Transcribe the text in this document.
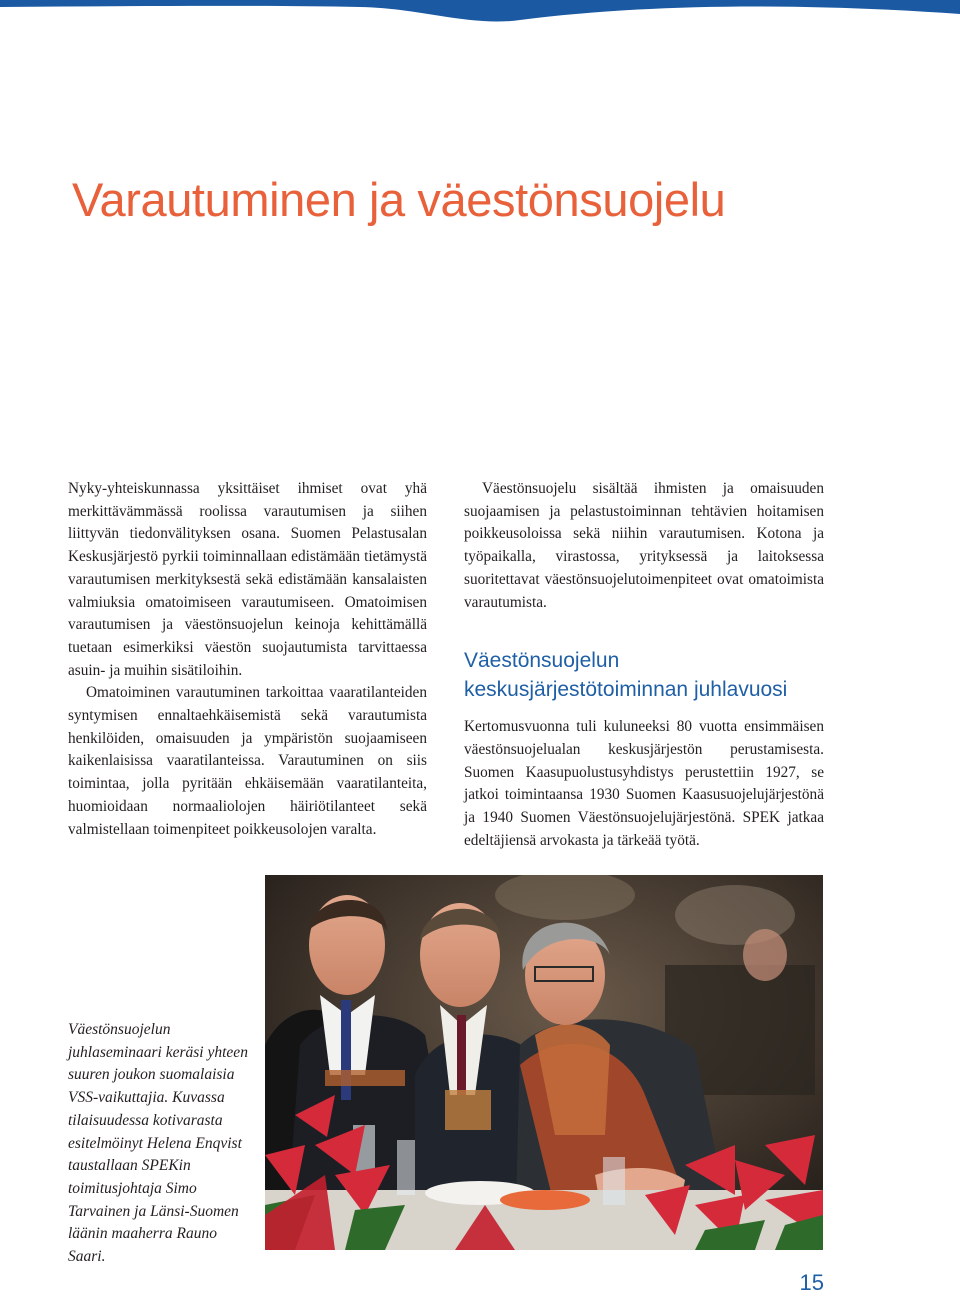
Varautuminen ja väestönsuojelu

Nyky-yhteiskunnassa yksittäiset ihmiset ovat yhä merkittävämmässä roolissa varautumisen ja siihen liittyvän tiedonvälityksen osana. Suomen Pelastusalan Keskusjärjestö pyrkii toiminnallaan edistämään tietämystä varautumisen merkityksestä sekä edistämään kansalaisten valmiuksia omatoimiseen varautumiseen. Omatoimisen varautumisen ja väestönsuojelun keinoja kehittämällä tuetaan esimerkiksi väestön suojautumista tarvittaessa asuin- ja muihin sisätiloihin.

Omatoiminen varautuminen tarkoittaa vaaratilanteiden syntymisen ennaltaehkäisemistä sekä varautumista henkilöiden, omaisuuden ja ympäristön suojaamiseen kaikenlaisissa vaaratilanteissa. Varautuminen on siis toimintaa, jolla pyritään ehkäisemään vaaratilanteita, huomioidaan normaaliolojen häiriötilanteet sekä valmistellaan toimenpiteet poikkeusolojen varalta.

Väestönsuojelu sisältää ihmisten ja omaisuuden suojaamisen ja pelastustoiminnan tehtävien hoitamisen poikkeusoloissa sekä niihin varautumisen. Kotona ja työpaikalla, virastossa, yrityksessä ja laitoksessa suoritettavat väestönsuojelutoimenpiteet ovat omatoimista varautumista.

Väestönsuojelun
keskusjärjestötoiminnan juhlavuosi

Kertomusvuonna tuli kuluneeksi 80 vuotta ensimmäisen väestönsuojelualan keskusjärjestön perustamisesta. Suomen Kaasupuolustusyhdistys perustettiin 1927, se jatkoi toimintaansa 1930 Suomen Kaasusuojelujärjestönä ja 1940 Suomen Väestönsuojelujärjestönä. SPEK jatkaa edeltäjiensä arvokasta ja tärkeää työtä.

Väestönsuojelun juhlaseminaari keräsi yhteen suuren joukon suomalaisia VSS-vaikuttajia. Kuvassa tilaisuudessa kotivarasta esitelmöinyt Helena Enqvist taustallaan SPEKin toimitusjohtaja Simo Tarvainen ja Länsi-Suomen läänin maaherra Rauno Saari.

15
